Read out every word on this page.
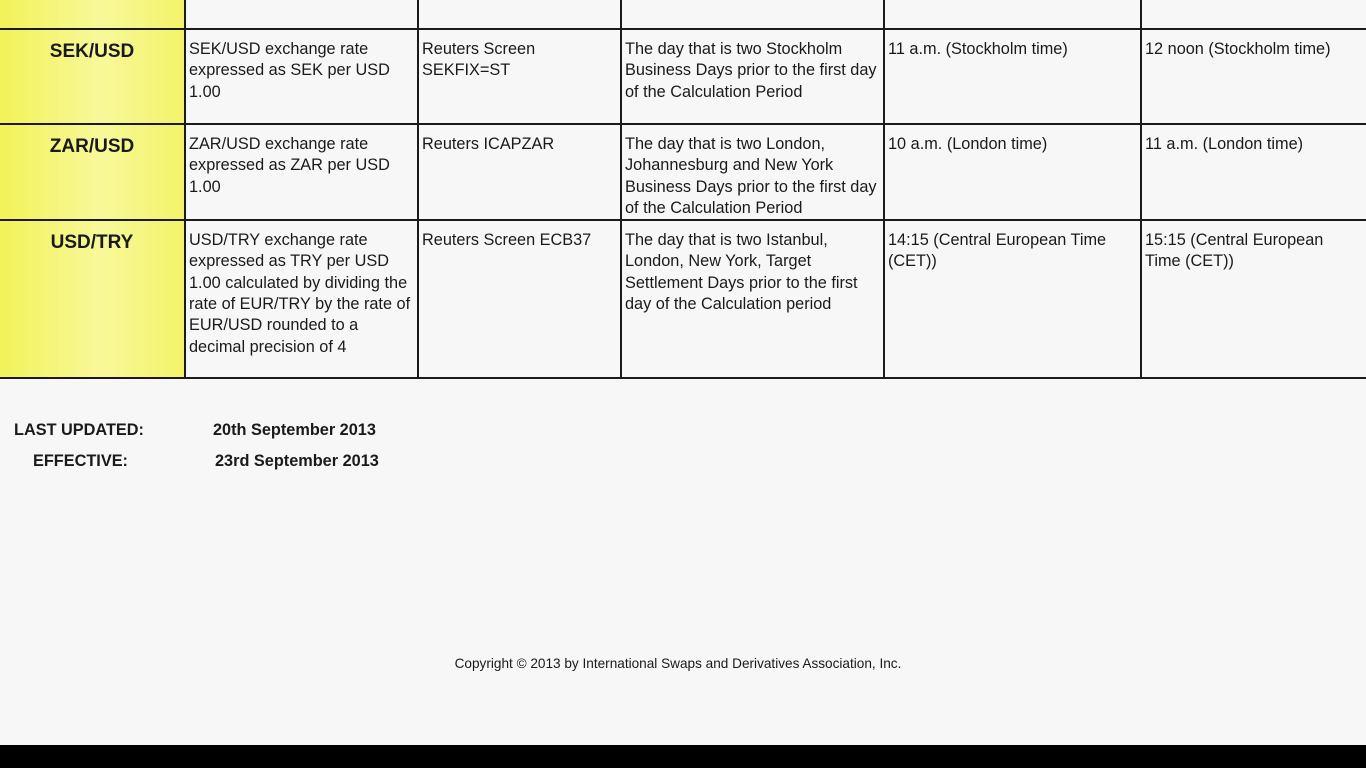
SEK/USD	SEK/USD exchange rate expressed as SEK per USD 1.00	Reuters Screen SEKFIX=ST	The day that is two Stockholm Business Days prior to the first day of the Calculation Period	11 a.m. (Stockholm time)	12 noon (Stockholm time)
ZAR/USD	ZAR/USD exchange rate expressed as ZAR per USD 1.00	Reuters ICAPZAR	The day that is two London, Johannesburg and New York Business Days prior to the first day of the Calculation Period	10 a.m. (London time)	11 a.m. (London time)
USD/TRY	USD/TRY exchange rate expressed as TRY per USD 1.00 calculated by dividing the rate of EUR/TRY by the rate of EUR/USD rounded to a decimal precision of 4	Reuters Screen ECB37	The day that is two Istanbul, London, New York, Target Settlement Days prior to the first day of the Calculation period	14:15 (Central European Time (CET))	15:15 (Central European Time (CET))
LAST UPDATED:	20th September 2013
EFFECTIVE:	23rd September 2013
Copyright © 2013 by International Swaps and Derivatives Association, Inc.
